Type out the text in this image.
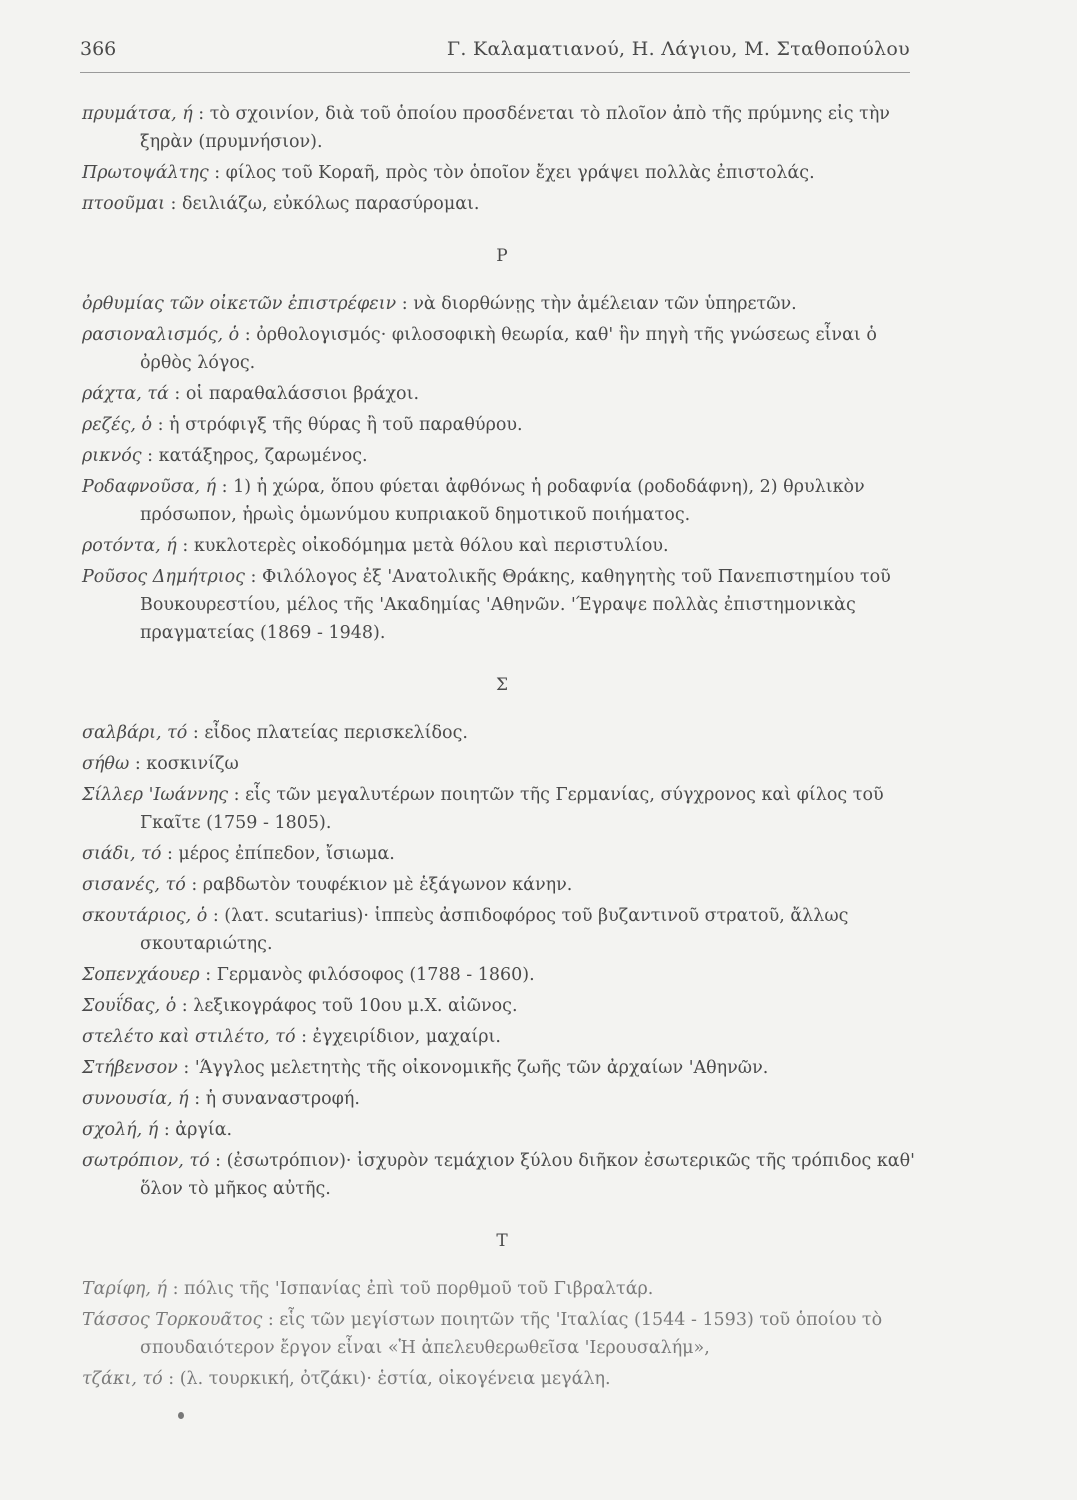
366	Γ. Καλαματιανού, Η. Λάγιου, Μ. Σταθοπούλου

πρυμάτσα, ή : τὸ σχοινίον, διὰ τοῦ ὁποίου προσδένεται τὸ πλοῖον ἀπὸ τῆς πρύμνης εἰς τὴν ξηρὰν (πρυμνήσιον).

Πρωτοψάλτης : φίλος τοῦ Κοραῆ, πρὸς τὸν ὁποῖον ἔχει γράψει πολλὰς ἐπιστολάς.

πτοοῦμαι : δειλιάζω, εὐκόλως παρασύρομαι.

Ρ

ὀρθυμίας τῶν οἰκετῶν ἐπιστρέφειν : νὰ διορθώνῃς τὴν ἀμέλειαν τῶν ὑπηρετῶν.

ρασιοναλισμός, ὁ : ὀρθολογισμός· φιλοσοφικὴ θεωρία, καθ' ἣν πηγὴ τῆς γνώσεως εἶναι ὁ ὀρθὸς λόγος.

ράχτα, τά : οἱ παραθαλάσσιοι βράχοι.

ρεζές, ὁ : ἡ στρόφιγξ τῆς θύρας ἢ τοῦ παραθύρου.

ρικνός : κατάξηρος, ζαρωμένος.

Ροδαφνοῦσα, ή : 1) ἡ χώρα, ὅπου φύεται ἀφθόνως ἡ ροδαφνία (ροδοδάφνη), 2) θρυλικὸν πρόσωπον, ἡρωὶς ὁμωνύμου κυπριακοῦ δημοτικοῦ ποιήματος.

ροτόντα, ή : κυκλοτερὲς οἰκοδόμημα μετὰ θόλου καὶ περιστυλίου.

Ροῦσος Δημήτριος : Φιλόλογος ἐξ 'Ανατολικῆς Θράκης, καθηγητὴς τοῦ Πανεπιστημίου τοῦ Βουκουρεστίου, μέλος τῆς 'Ακαδημίας 'Αθηνῶν. 'Έγραψε πολλὰς ἐπιστημονικὰς πραγματείας (1869 - 1948).

Σ

σαλβάρι, τό : εἶδος πλατείας περισκελίδος.

σήθω : κοσκινίζω

Σίλλερ 'Ιωάννης : εἷς τῶν μεγαλυτέρων ποιητῶν τῆς Γερμανίας, σύγχρονος καὶ φίλος τοῦ Γκαῖτε (1759 - 1805).

σιάδι, τό : μέρος ἐπίπεδον, ἴσιωμα.

σισανές, τό : ραβδωτὸν τουφέκιον μὲ ἑξάγωνον κάνην.

σκουτάριος, ὁ : (λατ. scutarius)· ἱππεὺς ἀσπιδοφόρος τοῦ βυζαντινοῦ στρατοῦ, ἄλλως σκουταριώτης.

Σοπενχάουερ : Γερμανὸς φιλόσοφος (1788 - 1860).

Σουΐδας, ὁ : λεξικογράφος τοῦ 10ου μ.Χ. αἰῶνος.

στελέτο καὶ στιλέτο, τό : ἐγχειρίδιον, μαχαίρι.

Στήβενσον : 'Άγγλος μελετητὴς τῆς οἰκονομικῆς ζωῆς τῶν ἀρχαίων 'Αθηνῶν.

συνουσία, ή : ἡ συναναστροφή.

σχολή, ή : ἀργία.

σωτρόπιον, τό : (ἐσωτρόπιον)· ἰσχυρὸν τεμάχιον ξύλου διῆκον ἐσωτερικῶς τῆς τρόπιδος καθ' ὅλον τὸ μῆκος αὐτῆς.

Τ

Ταρίφη, ή : πόλις τῆς 'Ισπανίας ἐπὶ τοῦ πορθμοῦ τοῦ Γιβραλτάρ.

Τάσσος Τορκουᾶτος : εἷς τῶν μεγίστων ποιητῶν τῆς 'Ιταλίας (1544 - 1593) τοῦ ὁποίου τὸ σπουδαιότερον ἔργον εἶναι «Ἡ ἀπελευθερωθεῖσα 'Ιερουσαλήμ»,

τζάκι, τό : (λ. τουρκική, ὀτζάκι)· ἑστία, οἰκογένεια μεγάλη.
